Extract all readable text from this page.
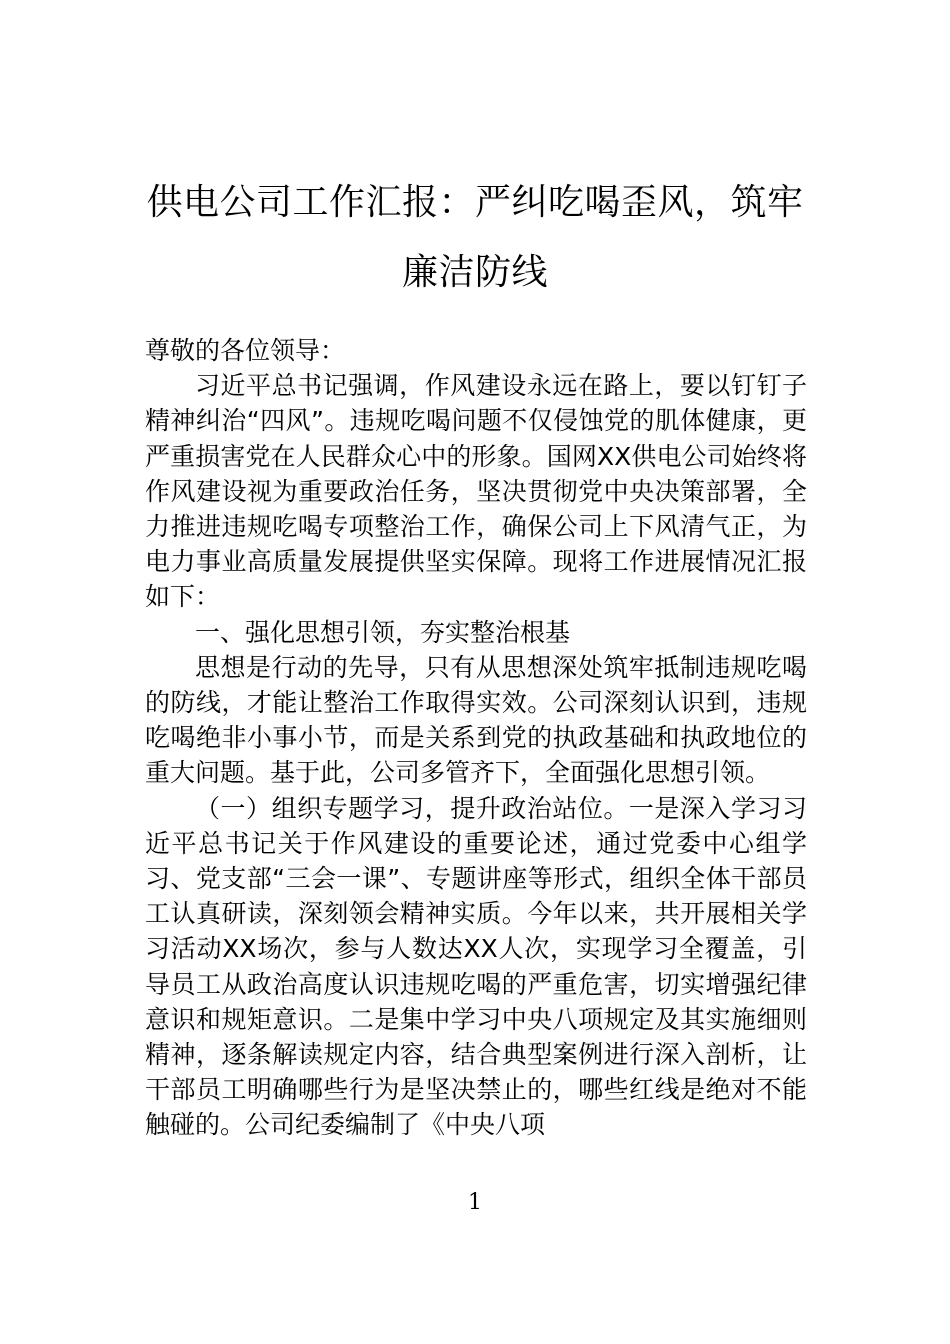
供电公司工作汇报：严纠吃喝歪风，筑牢廉洁防线

尊敬的各位领导：

习近平总书记强调，作风建设永远在路上，要以钉钉子精神纠治“四风”。违规吃喝问题不仅侵蚀党的肌体健康，更严重损害党在人民群众心中的形象。国网XX供电公司始终将作风建设视为重要政治任务，坚决贯彻党中央决策部署，全力推进违规吃喝专项整治工作，确保公司上下风清气正，为电力事业高质量发展提供坚实保障。现将工作进展情况汇报如下：

一、强化思想引领，夯实整治根基

思想是行动的先导，只有从思想深处筑牢抵制违规吃喝的防线，才能让整治工作取得实效。公司深刻认识到，违规吃喝绝非小事小节，而是关系到党的执政基础和执政地位的重大问题。基于此，公司多管齐下，全面强化思想引领。

（一）组织专题学习，提升政治站位。一是深入学习习近平总书记关于作风建设的重要论述，通过党委中心组学习、党支部“三会一课”、专题讲座等形式，组织全体干部员工认真研读，深刻领会精神实质。今年以来，共开展相关学习活动XX场次，参与人数达XX人次，实现学习全覆盖，引导员工从政治高度认识违规吃喝的严重危害，切实增强纪律意识和规矩意识。二是集中学习中央八项规定及其实施细则精神，逐条解读规定内容，结合典型案例进行深入剖析，让干部员工明确哪些行为是坚决禁止的，哪些红线是绝对不能触碰的。公司纪委编制了《中央八项

1
